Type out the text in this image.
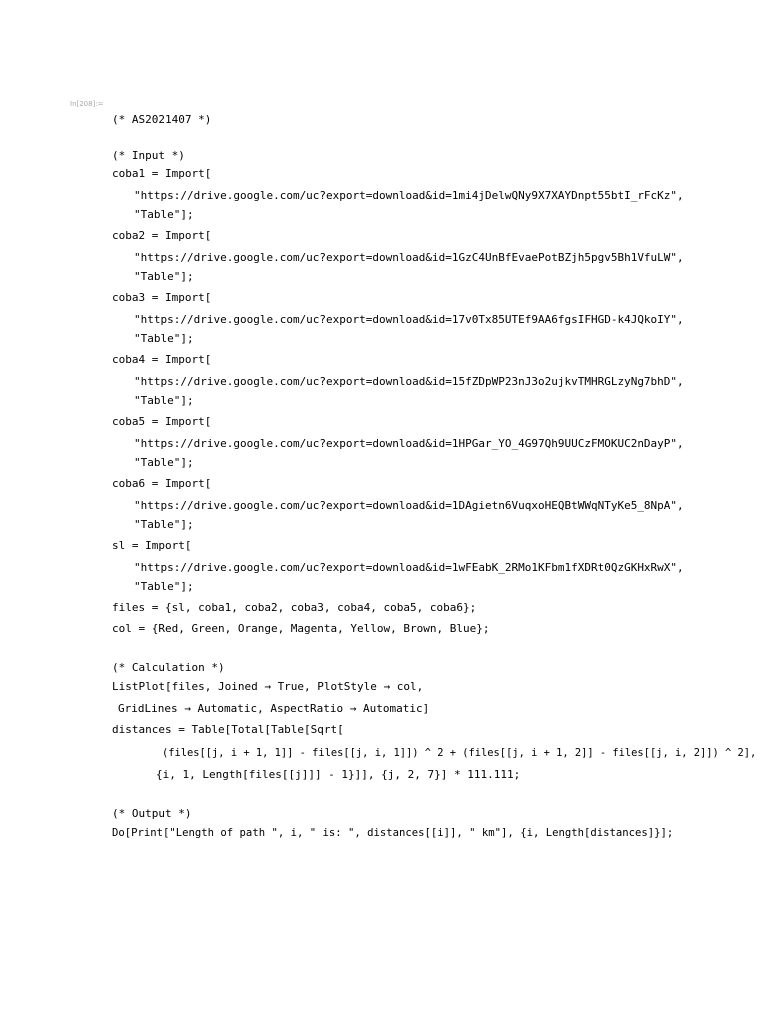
In[208]:=
(* AS2021407 *)
(* Input *)
coba1 = Import[
"https://drive.google.com/uc?export=download&id=1mi4jDelwQNy9X7XAYDnpt55btI_rFcKz",
"Table"];
coba2 = Import[
"https://drive.google.com/uc?export=download&id=1GzC4UnBfEvaePotBZjh5pgv5Bh1VfuLW",
"Table"];
coba3 = Import[
"https://drive.google.com/uc?export=download&id=17v0Tx85UTEf9AA6fgsIFHGD-k4JQkoIY",
"Table"];
coba4 = Import[
"https://drive.google.com/uc?export=download&id=15fZDpWP23nJ3o2ujkvTMHRGLzyNg7bhD",
"Table"];
coba5 = Import[
"https://drive.google.com/uc?export=download&id=1HPGar_YO_4G97Qh9UUCzFMOKUC2nDayP",
"Table"];
coba6 = Import[
"https://drive.google.com/uc?export=download&id=1DAgietn6VuqxoHEQBtWWqNTyKe5_8NpA",
"Table"];
sl = Import[
"https://drive.google.com/uc?export=download&id=1wFEabK_2RMo1KFbm1fXDRt0QzGKHxRwX",
"Table"];
files = {sl, coba1, coba2, coba3, coba4, coba5, coba6};
col = {Red, Green, Orange, Magenta, Yellow, Brown, Blue};
(* Calculation *)
ListPlot[files, Joined → True, PlotStyle → col,
GridLines → Automatic, AspectRatio → Automatic]
distances = Table[Total[Table[Sqrt[
(files[[j, i + 1, 1]] - files[[j, i, 1]]) ^ 2 + (files[[j, i + 1, 2]] - files[[j, i, 2]]) ^ 2],
{i, 1, Length[files[[j]]] - 1}]], {j, 2, 7}] * 111.111;
(* Output *)
Do[Print["Length of path ", i, " is: ", distances[[i]], " km"], {i, Length[distances]}];
